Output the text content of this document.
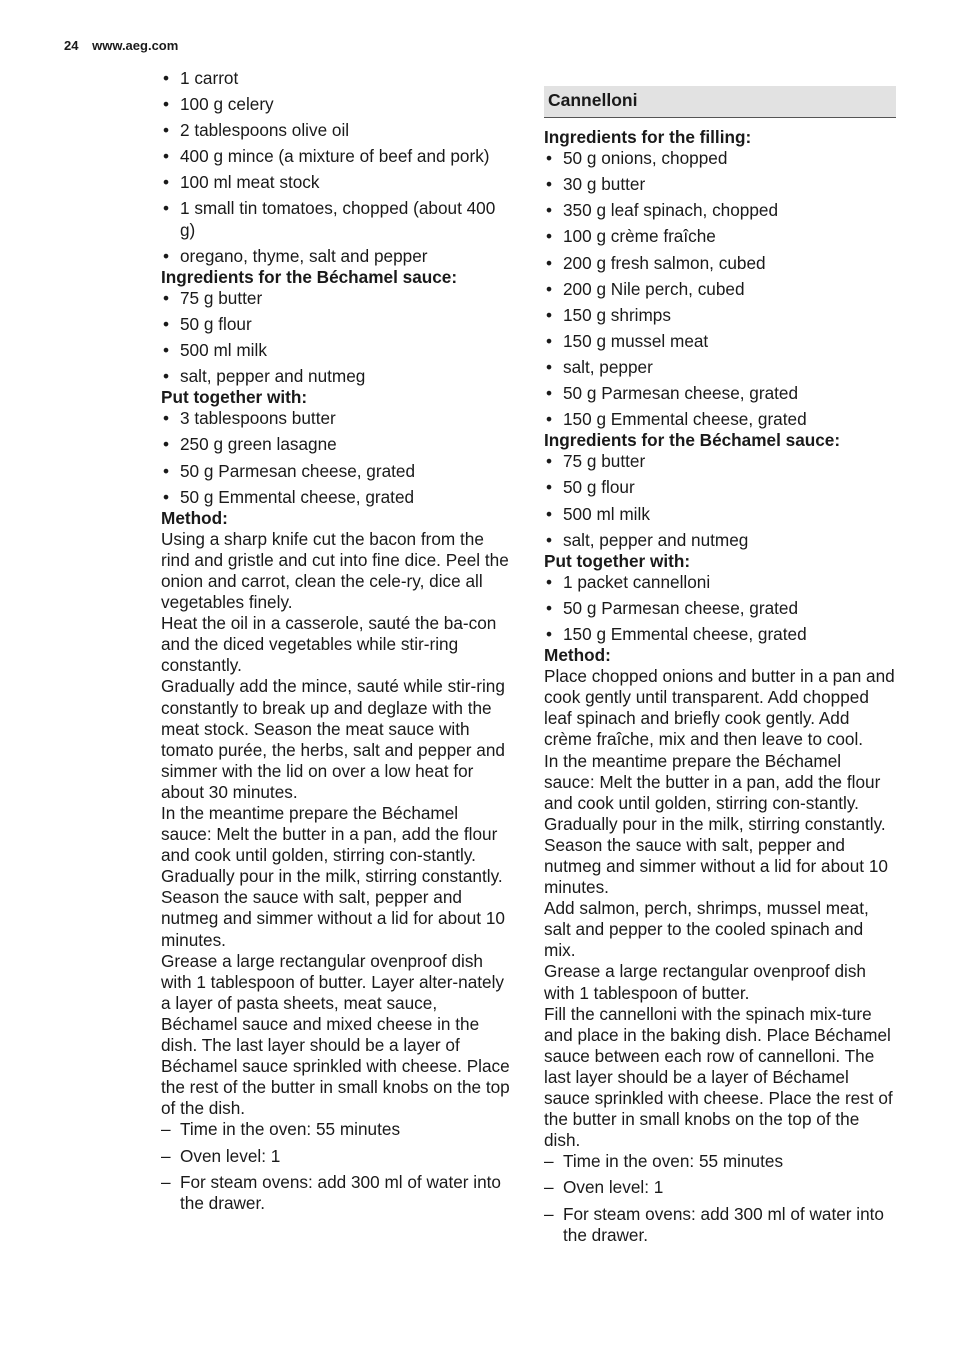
24 www.aeg.com
• 1 carrot
• 100 g celery
• 2 tablespoons olive oil
• 400 g mince (a mixture of beef and pork)
• 100 ml meat stock
• 1 small tin tomatoes, chopped (about 400 g)
• oregano, thyme, salt and pepper

Ingredients for the Béchamel sauce:

• 75 g butter
• 50 g flour
• 500 ml milk
• salt, pepper and nutmeg

Put together with:

• 3 tablespoons butter
• 250 g green lasagne
• 50 g Parmesan cheese, grated
• 50 g Emmental cheese, grated

Method:

Using a sharp knife cut the bacon from the rind and gristle and cut into fine dice. Peel the onion and carrot, clean the cele-ry, dice all vegetables finely.

Heat the oil in a casserole, sauté the ba-con and the diced vegetables while stir-ring constantly.

Gradually add the mince, sauté while stir-ring constantly to break up and deglaze with the meat stock. Season the meat sauce with tomato purée, the herbs, salt and pepper and simmer with the lid on over a low heat for about 30 minutes.

In the meantime prepare the Béchamel sauce: Melt the butter in a pan, add the flour and cook until golden, stirring con-stantly. Gradually pour in the milk, stirring constantly. Season the sauce with salt, pepper and nutmeg and simmer without a lid for about 10 minutes.

Grease a large rectangular ovenproof dish with 1 tablespoon of butter. Layer alter-nately a layer of pasta sheets, meat sauce, Béchamel sauce and mixed cheese in the dish. The last layer should be a layer of Béchamel sauce sprinkled with cheese. Place the rest of the butter in small knobs on the top of the dish.

– Time in the oven: 55 minutes
– Oven level: 1
– For steam ovens: add 300 ml of water into the drawer.
Cannelloni

Ingredients for the filling:

• 50 g onions, chopped
• 30 g butter
• 350 g leaf spinach, chopped
• 100 g crème fraîche
• 200 g fresh salmon, cubed
• 200 g Nile perch, cubed
• 150 g shrimps
• 150 g mussel meat
• salt, pepper
• 50 g Parmesan cheese, grated
• 150 g Emmental cheese, grated

Ingredients for the Béchamel sauce:

• 75 g butter
• 50 g flour
• 500 ml milk
• salt, pepper and nutmeg

Put together with:

• 1 packet cannelloni
• 50 g Parmesan cheese, grated
• 150 g Emmental cheese, grated

Method:

Place chopped onions and butter in a pan and cook gently until transparent. Add chopped leaf spinach and briefly cook gently. Add crème fraîche, mix and then leave to cool.

In the meantime prepare the Béchamel sauce: Melt the butter in a pan, add the flour and cook until golden, stirring con-stantly. Gradually pour in the milk, stirring constantly. Season the sauce with salt, pepper and nutmeg and simmer without a lid for about 10 minutes.

Add salmon, perch, shrimps, mussel meat, salt and pepper to the cooled spinach and mix.

Grease a large rectangular ovenproof dish with 1 tablespoon of butter.

Fill the cannelloni with the spinach mix-ture and place in the baking dish. Place Béchamel sauce between each row of cannelloni. The last layer should be a layer of Béchamel sauce sprinkled with cheese. Place the rest of the butter in small knobs on the top of the dish.

– Time in the oven: 55 minutes
– Oven level: 1
– For steam ovens: add 300 ml of water into the drawer.
